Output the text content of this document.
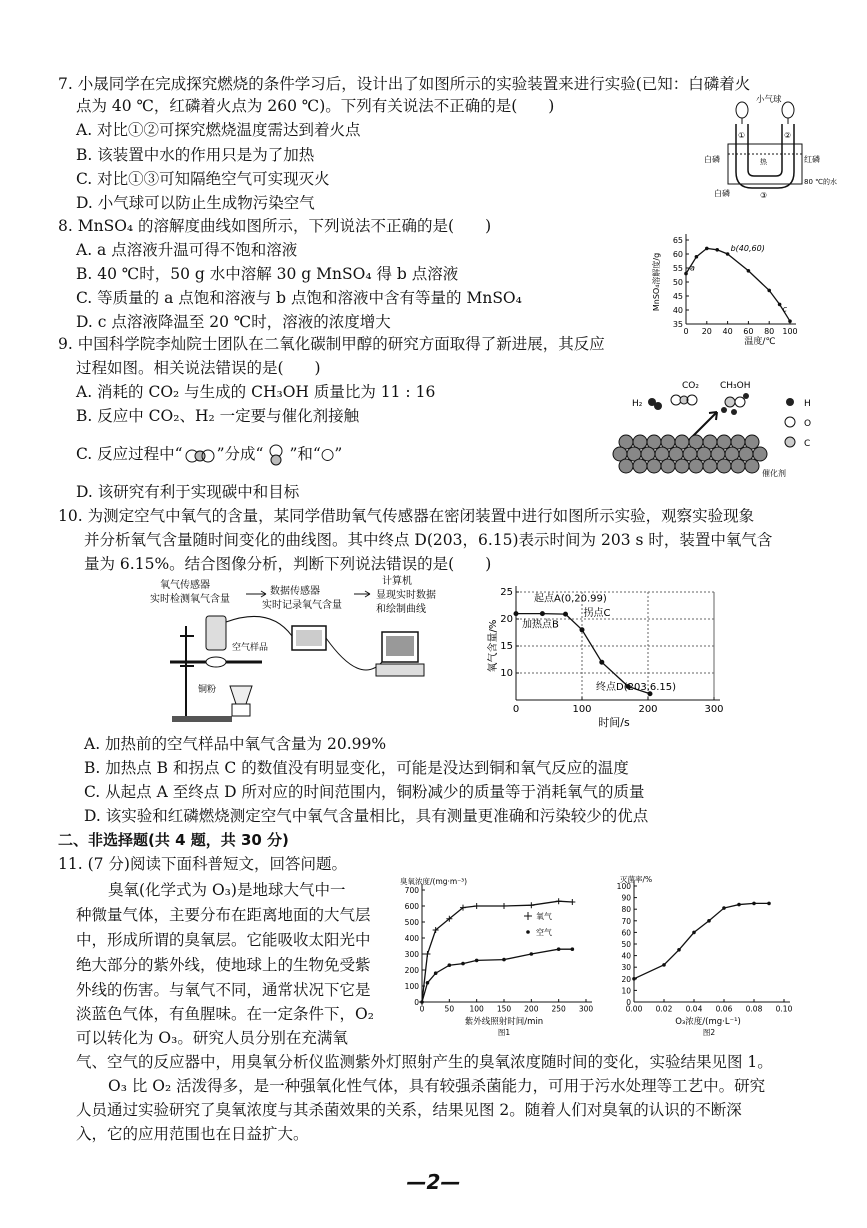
7. 小晟同学在完成探究燃烧的条件学习后，设计出了如图所示的实验装置来进行实验(已知：白磷着火
点为 40 ℃，红磷着火点为 260 ℃)。下列有关说法不正确的是(　　)
A. 对比①②可探究燃烧温度需达到着火点
B. 该装置中水的作用只是为了加热
C. 对比①③可知隔绝空气可实现灭火
D. 小气球可以防止生成物污染空气
小气球
白磷	红磷
白磷
80 ℃的水
热
①	②
③
8. MnSO₄ 的溶解度曲线如图所示，下列说法不正确的是(　　)
A. a 点溶液升温可得不饱和溶液
B. 40 ℃时，50 g 水中溶解 30 g MnSO₄ 得 b 点溶液
C. 等质量的 a 点饱和溶液与 b 点饱和溶液中含有等量的 MnSO₄
D. c 点溶液降温至 20 ℃时，溶液的浓度增大
0 20 40 60 80 100
35
40
45
50
55
60
65
温度/℃
MnSO₄溶解度/g	a
b(40,60)
c
9. 中国科学院李灿院士团队在二氧化碳制甲醇的研究方面取得了新进展，其反应
过程如图。相关说法错误的是(　　)
A. 消耗的 CO₂ 与生成的 CH₃OH 质量比为 11 : 16
B. 反应中 CO₂、H₂ 一定要与催化剂接触
C. 反应过程中“ ”分成“ ”和“○”
D. 该研究有利于实现碳中和目标
H₂
CO₂ CH₃OH
催化剂
H
O
C
10. 为测定空气中氧气的含量，某同学借助氧气传感器在密闭装置中进行如图所示实验，观察实验现象
并分析氧气含量随时间变化的曲线图。其中终点 D(203，6.15)表示时间为 203 s 时，装置中氧气含
量为 6.15%。结合图像分析，判断下列说法错误的是(　　)
氧气传感器
实时检测氧气含量
数据传感器
实时记录氧气含量
计算机
显现实时数据
和绘制曲线
空气样品
铜粉
0	100	200	300
10
15
20
25
时间/s
氧气含量/%
起点A(0,20.99)
拐点C
加热点B
终点D(203,6.15)
A. 加热前的空气样品中氧气含量为 20.99%
B. 加热点 B 和拐点 C 的数值没有明显变化，可能是没达到铜和氧气反应的温度
C. 从起点 A 至终点 D 所对应的时间范围内，铜粉减少的质量等于消耗氧气的质量
D. 该实验和红磷燃烧测定空气中氧气含量相比，具有测量更准确和污染较少的优点
二、非选择题(共 4 题，共 30 分)
11. (7 分)阅读下面科普短文，回答问题。
臭氧(化学式为 O₃)是地球大气中一
种微量气体，主要分布在距离地面的大气层
中，形成所谓的臭氧层。它能吸收太阳光中
绝大部分的紫外线，使地球上的生物免受紫
外线的伤害。与氧气不同，通常状况下它是
淡蓝色气体，有鱼腥味。在一定条件下，O₂
可以转化为 O₃。研究人员分别在充满氧
气、空气的反应器中，用臭氧分析仪监测紫外灯照射产生的臭氧浓度随时间的变化，实验结果见图 1。
O₃ 比 O₂ 活泼得多，是一种强氧化性气体，具有较强杀菌能力，可用于污水处理等工艺中。研究
人员通过实验研究了臭氧浓度与其杀菌效果的关系，结果见图 2。随着人们对臭氧的认识的不断深
入，它的应用范围也在日益扩大。
0	50 100 150 200 250 300
0
100
200
300
400
500
600
700
紫外线照射时间/min
臭氧浓度/(mg·m⁻³)
图1
氧气
空气
0.00 0.02 0.04 0.06 0.08 0.10
0
10
20
30
40
50
60
70
80
90
100
O₃浓度/(mg·L⁻¹)
灭菌率/%
图2
—2—
